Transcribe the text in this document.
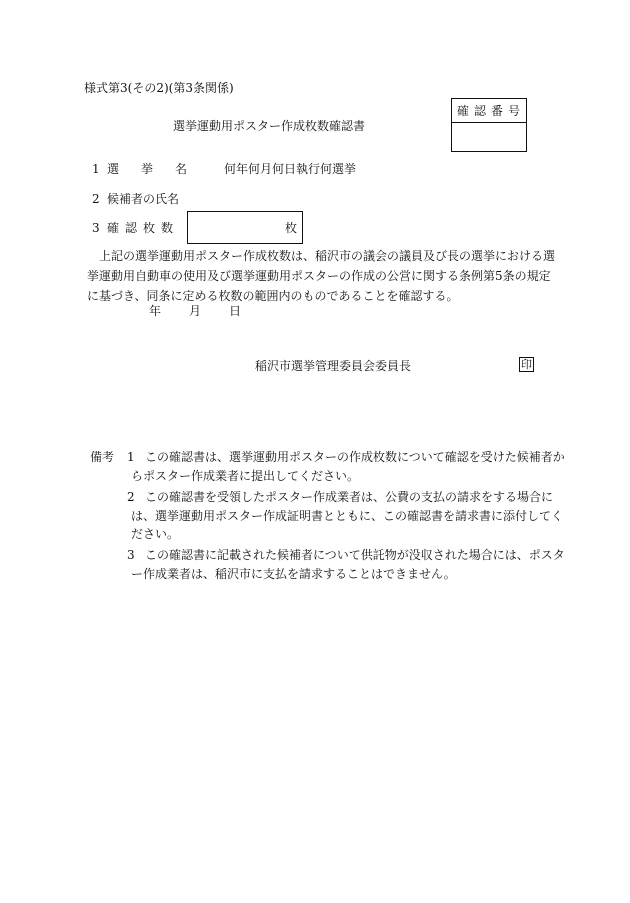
様式第3(その2)(第3条関係)
選挙運動用ポスター作成枚数確認書
確認番号
1 選挙名 何年何月何日執行何選挙
2 候補者の氏名
3 確認枚数	枚
上記の選挙運動用ポスター作成枚数は、稲沢市の議会の議員及び長の選挙における選
挙運動用自動車の使用及び選挙運動用ポスターの作成の公営に関する条例第5条の規定
に基づき、同条に定める枚数の範囲内のものであることを確認する。
年 月 日
稲沢市選挙管理委員会委員長	印
備考 1 この確認書は、選挙運動用ポスターの作成枚数について確認を受けた候補者か
らポスター作成業者に提出してください。
2 この確認書を受領したポスター作成業者は、公費の支払の請求をする場合に
は、選挙運動用ポスター作成証明書とともに、この確認書を請求書に添付してく
ださい。
3 この確認書に記載された候補者について供託物が没収された場合には、ポスタ
ー作成業者は、稲沢市に支払を請求することはできません。
